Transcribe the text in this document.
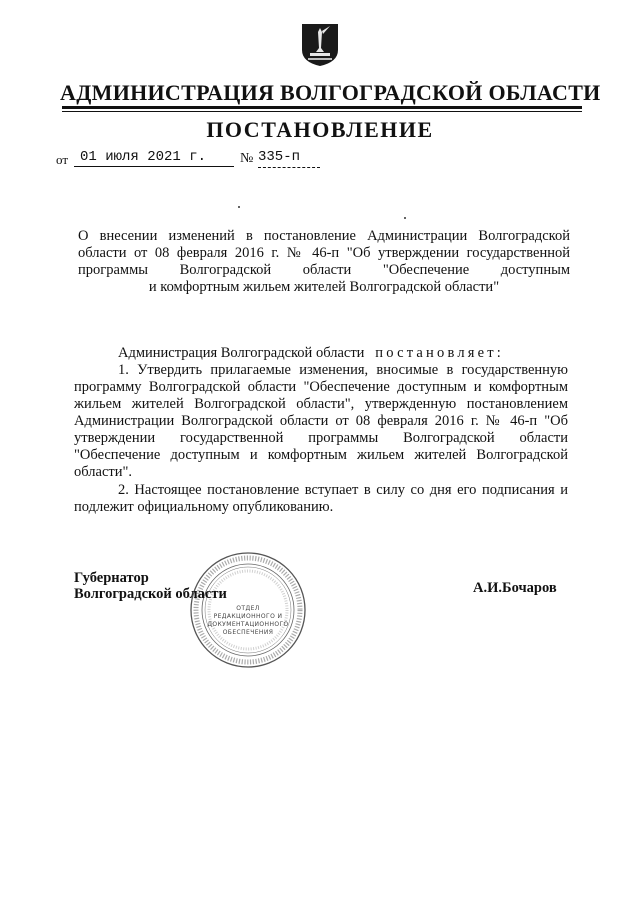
АДМИНИСТРАЦИЯ ВОЛГОГРАДСКОЙ ОБЛАСТИ
ПОСТАНОВЛЕНИЕ
от 01 июля 2021 г.	№ 335-п
О внесении изменений в постановление Администрации Волгоградской
области от 08 февраля 2016 г. № 46-п "Об утверждении государственной
программы Волгоградской области "Обеспечение доступным
и комфортным жильем жителей Волгоградской области"
Администрация Волгоградской области постановляет:
1. Утвердить прилагаемые изменения, вносимые в государственную программу Волгоградской области "Обеспечение доступным и комфортным жильем жителей Волгоградской области", утвержденную постановлением Администрации Волгоградской области от 08 февраля 2016 г. № 46-п "Об утверждении государственной программы Волгоградской области "Обеспечение доступным и комфортным жильем жителей Волгоградской области".
2. Настоящее постановление вступает в силу со дня его подписания и подлежит официальному опубликованию.
ОТДЕЛ
РЕДАКЦИОННОГО И
ДОКУМЕНТАЦИОННОГО
ОБЕСПЕЧЕНИЯ
Губернатор
Волгоградской области	А.И.Бочаров
